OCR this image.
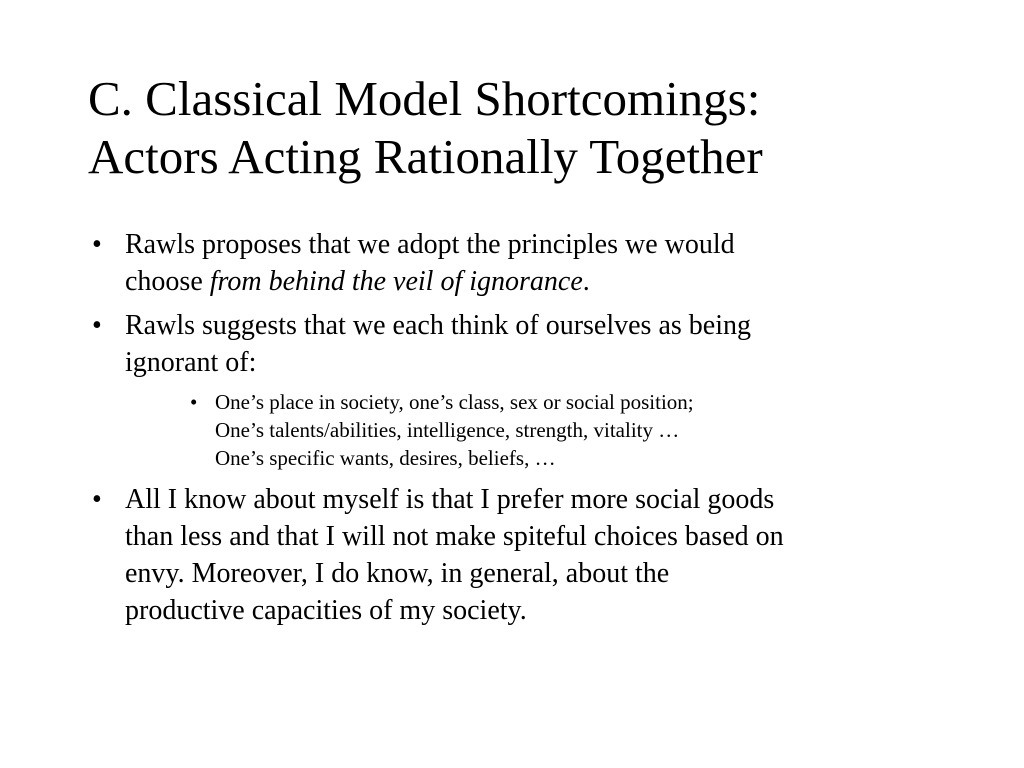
C. Classical Model Shortcomings:
Actors Acting Rationally Together
• Rawls proposes that we adopt the principles we would
choose from behind the veil of ignorance.
• Rawls suggests that we each think of ourselves as being
ignorant of:
• One’s place in society, one’s class, sex or social position;
One’s talents/abilities, intelligence, strength, vitality …
One’s specific wants, desires, beliefs, …
• All I know about myself is that I prefer more social goods
than less and that I will not make spiteful choices based on
envy. Moreover, I do know, in general, about the
productive capacities of my society.
